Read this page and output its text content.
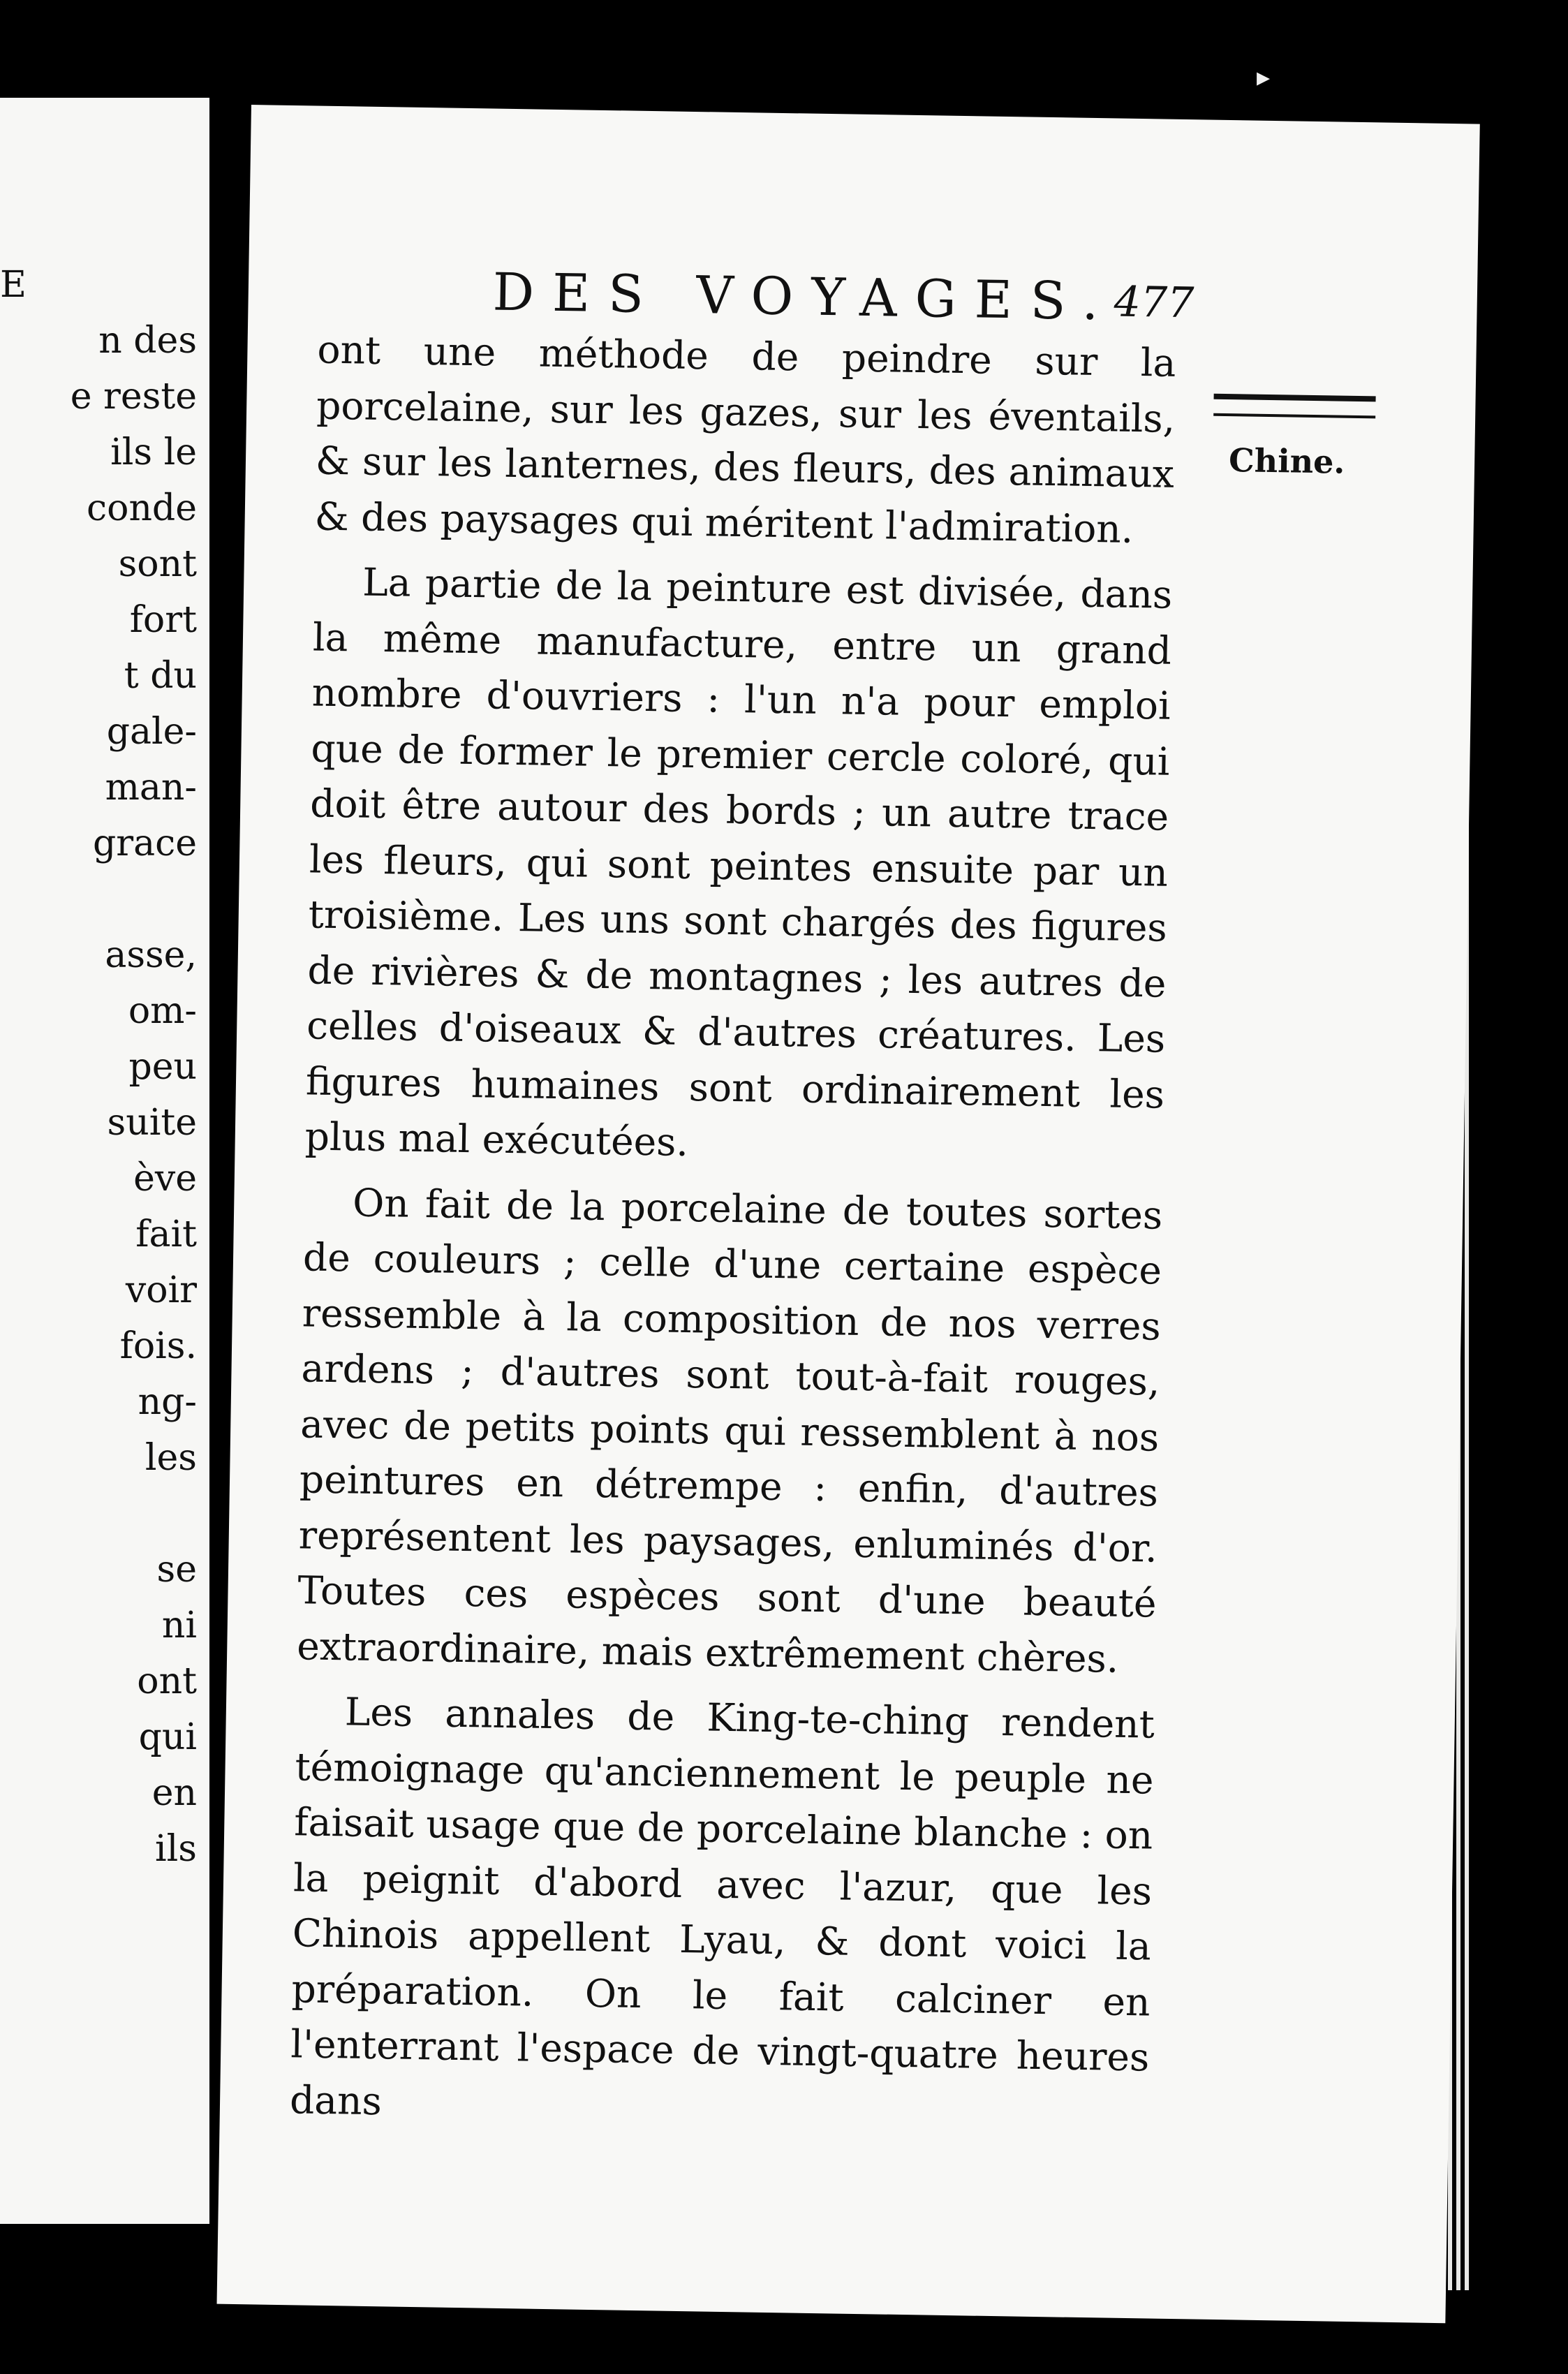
E
n des
e reste
ils le
conde
sont
fort
t du
gale-
man-
grace
asse,
om-
peu
suite
ève
fait
voir
fois.
ng-
les
se
ni
ont
qui
en
ils
DES VOYAGES.
477
Chine.

ont une méthode de peindre sur la porcelaine, sur les gazes, sur les éventails, & sur les lanternes, des fleurs, des animaux & des paysages qui méritent l'admiration.

La partie de la peinture est divisée, dans la même manufacture, entre un grand nombre d'ouvriers : l'un n'a pour emploi que de former le premier cercle coloré, qui doit être autour des bords ; un autre trace les fleurs, qui sont peintes ensuite par un troisième. Les uns sont chargés des figures de rivières & de montagnes ; les autres de celles d'oiseaux & d'autres créatures. Les figures humaines sont ordinairement les plus mal exécutées.

On fait de la porcelaine de toutes sortes de couleurs ; celle d'une certaine espèce ressemble à la composition de nos verres ardens ; d'autres sont tout-à-fait rouges, avec de petits points qui ressemblent à nos peintures en détrempe : enfin, d'autres représentent les paysages, enluminés d'or. Toutes ces espèces sont d'une beauté extraordinaire, mais extrêmement chères.

Les annales de King-te-ching rendent témoignage qu'anciennement le peuple ne faisait usage que de porcelaine blanche : on la peignit d'abord avec l'azur, que les Chinois appellent Lyau, & dont voici la préparation. On le fait calciner en l'enterrant l'espace de vingt-quatre heures dans

▸
